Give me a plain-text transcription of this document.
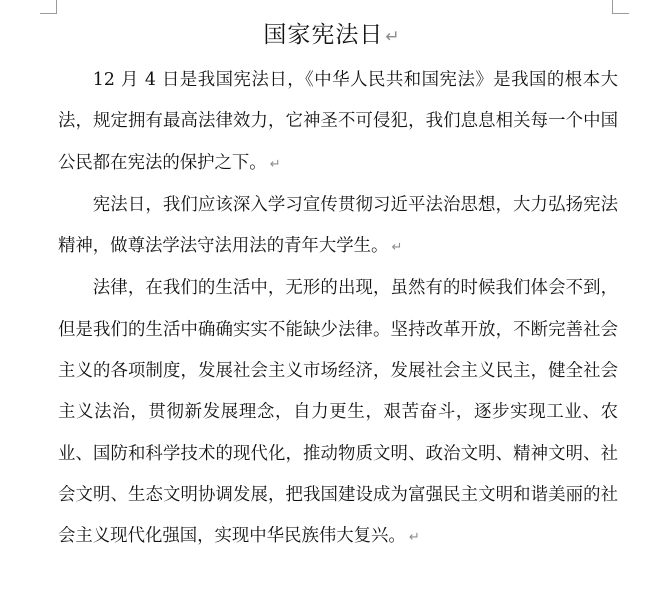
国家宪法日 ↵

12 月 4 日是我国宪法日，《中华人民共和国宪法》是我国的根本大法，规定拥有最高法律效力，它神圣不可侵犯，我们息息相关每一个中国公民都在宪法的保护之下。 ↵

宪法日，我们应该深入学习宣传贯彻习近平法治思想，大力弘扬宪法精神，做尊法学法守法用法的青年大学生。 ↵

法律，在我们的生活中，无形的出现，虽然有的时候我们体会不到，但是我们的生活中确确实实不能缺少法律。坚持改革开放，不断完善社会主义的各项制度，发展社会主义市场经济，发展社会主义民主，健全社会主义法治，贯彻新发展理念，自力更生，艰苦奋斗，逐步实现工业、农业、国防和科学技术的现代化，推动物质文明、政治文明、精神文明、社会文明、生态文明协调发展，把我国建设成为富强民主文明和谐美丽的社会主义现代化强国，实现中华民族伟大复兴。 ↵
